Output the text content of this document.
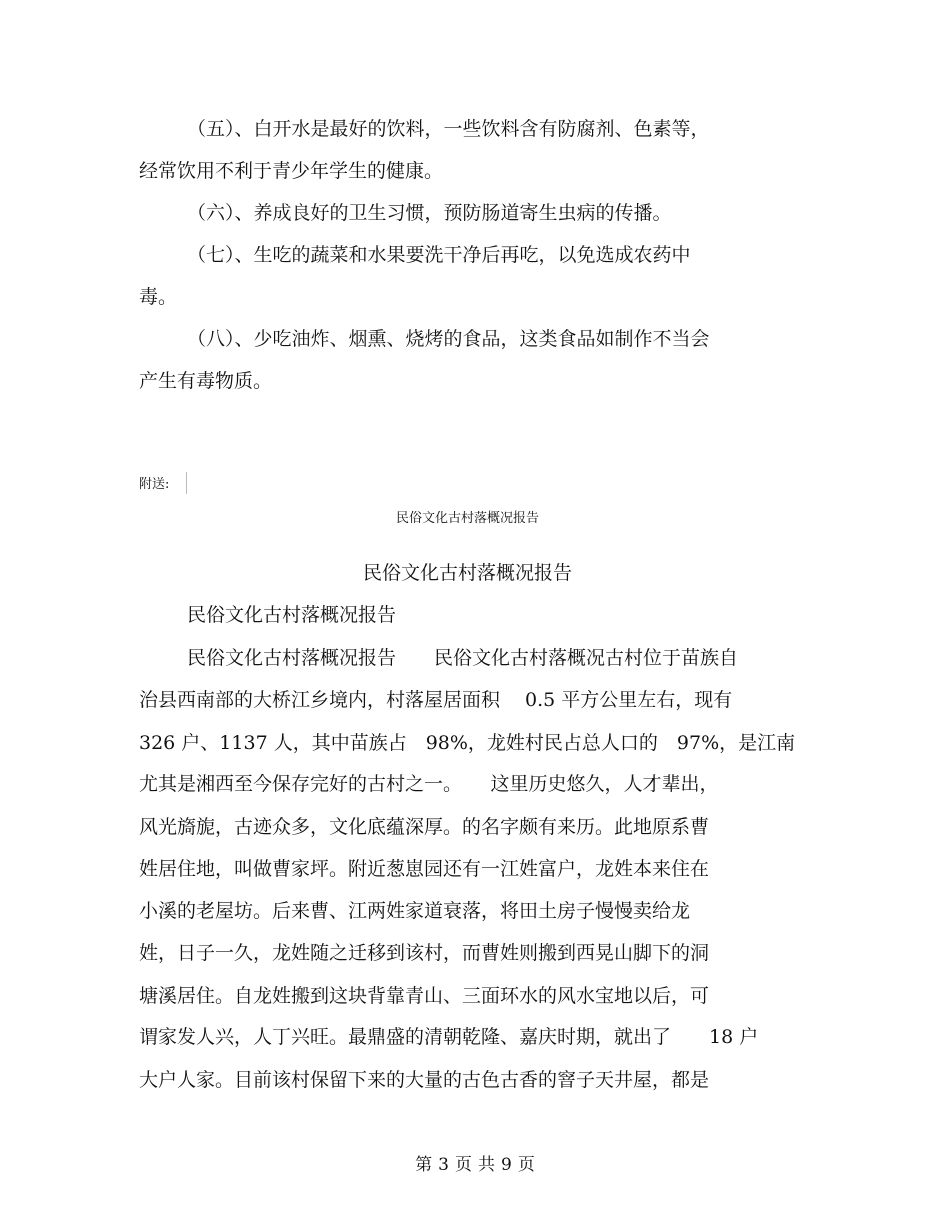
（五）、白开水是最好的饮料，一些饮料含有防腐剂、色素等，
经常饮用不利于青少年学生的健康。
（六）、养成良好的卫生习惯，预防肠道寄生虫病的传播。
（七）、生吃的蔬菜和水果要洗干净后再吃，以免选成农药中
毒。
（八）、少吃油炸、烟熏、烧烤的食品，这类食品如制作不当会
产生有毒物质。
附送:
民俗文化古村落概况报告
民俗文化古村落概况报告
民俗文化古村落概况报告
民俗文化古村落概况报告　　民俗文化古村落概况古村位于苗族自
治县西南部的大桥江乡境内，村落屋居面积　 0.5 平方公里左右，现有
326 户、1137 人，其中苗族占　98%，龙姓村民占总人口的　97%，是江南
尤其是湘西至今保存完好的古村之一。　　这里历史悠久，人才辈出，
风光旖旎，古迹众多，文化底蕴深厚。的名字颇有来历。此地原系曹
姓居住地，叫做曹家坪。附近葱崽园还有一江姓富户，龙姓本来住在
小溪的老屋坊。后来曹、江两姓家道衰落，将田土房子慢慢卖给龙
姓，日子一久，龙姓随之迁移到该村，而曹姓则搬到西晃山脚下的洞
塘溪居住。自龙姓搬到这块背靠青山、三面环水的风水宝地以后，可
谓家发人兴，人丁兴旺。最鼎盛的清朝乾隆、嘉庆时期，就出了　　18 户
大户人家。目前该村保留下来的大量的古色古香的窨子天井屋，都是
第 3 页 共 9 页
